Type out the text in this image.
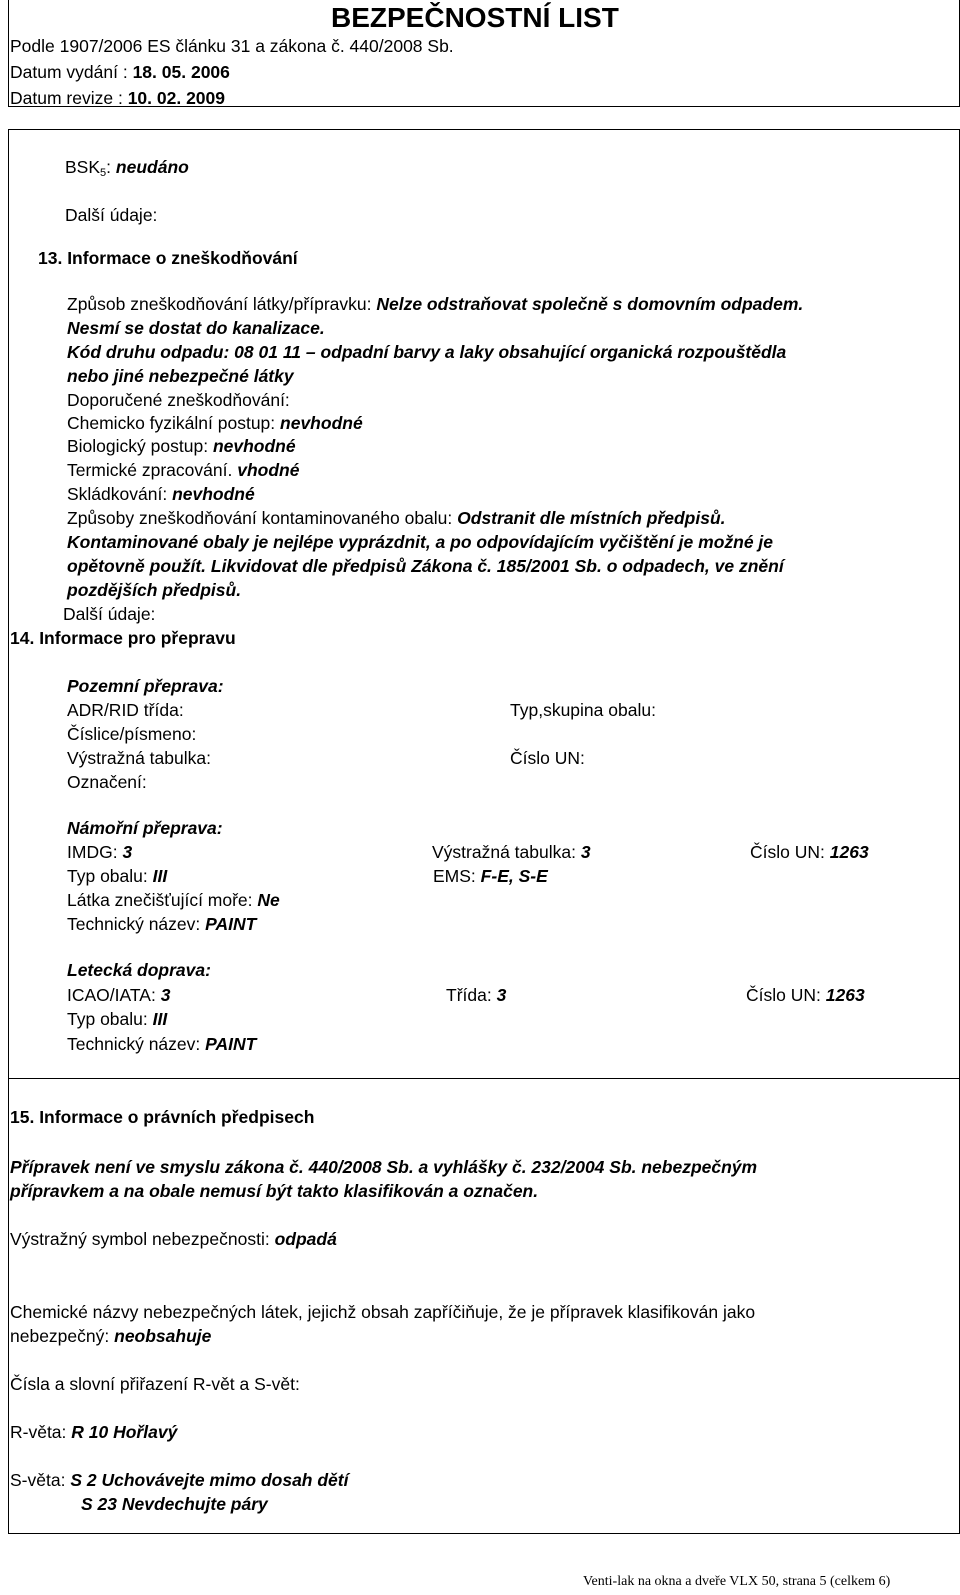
BEZPEČNOSTNÍ LIST
Podle 1907/2006 ES článku 31 a zákona č. 440/2008 Sb.
Datum vydání : 18. 05. 2006
Datum revize : 10. 02. 2009
$BSK_5$: neudáno
Další údaje:
13. Informace o zneškodňování
Způsob zneškodňování látky/přípravku: Nelze odstraňovat společně s domovním odpadem.
Nesmí se dostat do kanalizace.
Kód druhu odpadu: 08 01 11 – odpadní barvy a laky obsahující organická rozpouštědla
nebo jiné nebezpečné látky
Doporučené zneškodňování:
Chemicko fyzikální postup: nevhodné
Biologický postup: nevhodné
Termické zpracování. vhodné
Skládkování: nevhodné
Způsoby zneškodňování kontaminovaného obalu: Odstranit dle místních předpisů.
Kontaminované obaly je nejlépe vyprázdnit, a po odpovídajícím vyčištění je možné je
opětovně použít. Likvidovat dle předpisů Zákona č. 185/2001 Sb. o odpadech, ve znění
pozdějších předpisů.
Další údaje:
14. Informace pro přepravu
Pozemní přeprava:
ADR/RID třída:	Typ,skupina obalu:
Číslice/písmeno:
Výstražná tabulka:	Číslo UN:
Označení:
Námořní přeprava:
IMDG: 3	Výstražná tabulka: 3	Číslo UN: 1263
Typ obalu: III	EMS: F-E, S-E
Látka znečišťující moře: Ne
Technický název: PAINT
Letecká doprava:
ICAO/IATA: 3	Třída: 3	Číslo UN: 1263
Typ obalu: III
Technický název: PAINT
15. Informace o právních předpisech
Přípravek není ve smyslu zákona č. 440/2008 Sb. a vyhlášky č. 232/2004 Sb. nebezpečným
přípravkem a na obale nemusí být takto klasifikován a označen.
Výstražný symbol nebezpečnosti: odpadá
Chemické názvy nebezpečných látek, jejichž obsah zapříčiňuje, že je přípravek klasifikován jako
nebezpečný: neobsahuje
Čísla a slovní přiřazení R-vět a S-vět:
R-věta: R 10 Hořlavý
S-věta: S 2 Uchovávejte mimo dosah dětí
S 23 Nevdechujte páry
Venti-lak na okna a dveře VLX 50, strana 5 (celkem 6)
